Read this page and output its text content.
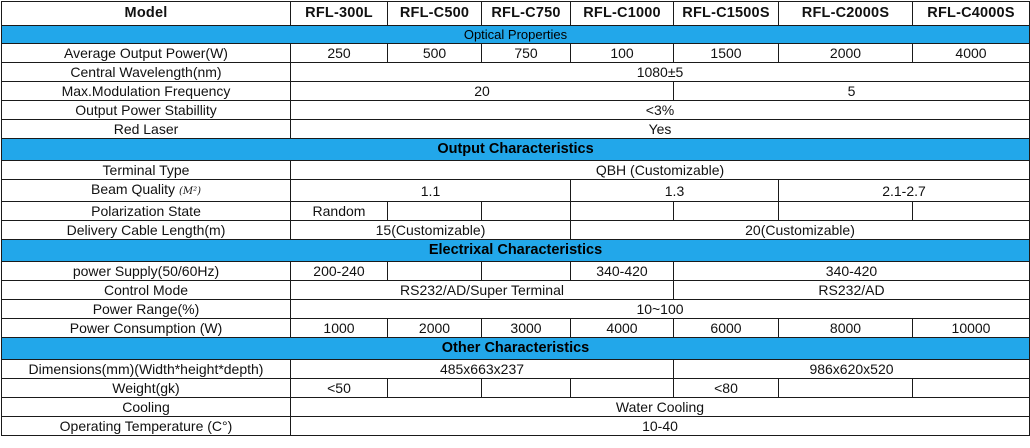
Model	RFL-300L	RFL-C500	RFL-C750	RFL-C1000	RFL-C1500S	RFL-C2000S	RFL-C4000S
Optical Properties							
Average Output Power(W)	250	500	750	100	1500	2000	4000
Central Wavelength(nm)	1080±5						
Max.Modulation Frequency	20				5		
Output Power Stabillity	<3%						
Red Laser	Yes						
Output Characteristics							
Terminal Type	QBH (Customizable)						
Beam Quality (M²)	1.1			1.3		2.1-2.7	
Polarization State	Random						
Delivery Cable Length(m)	15(Customizable)			20(Customizable)			
Electrixal Characteristics							
power Supply(50/60Hz)	200-240			340-420	340-420		
Control Mode	RS232/AD/Super Terminal				RS232/AD		
Power Range(%)	10~100						
Power Consumption (W)	1000	2000	3000	4000	6000	8000	10000
Other Characteristics							
Dimensions(mm)(Width*height*depth)	485x663x237				986x620x520		
Weight(gk)	<50				<80		
Cooling	Water Cooling						
Operating Temperature (C°)	10-40						
